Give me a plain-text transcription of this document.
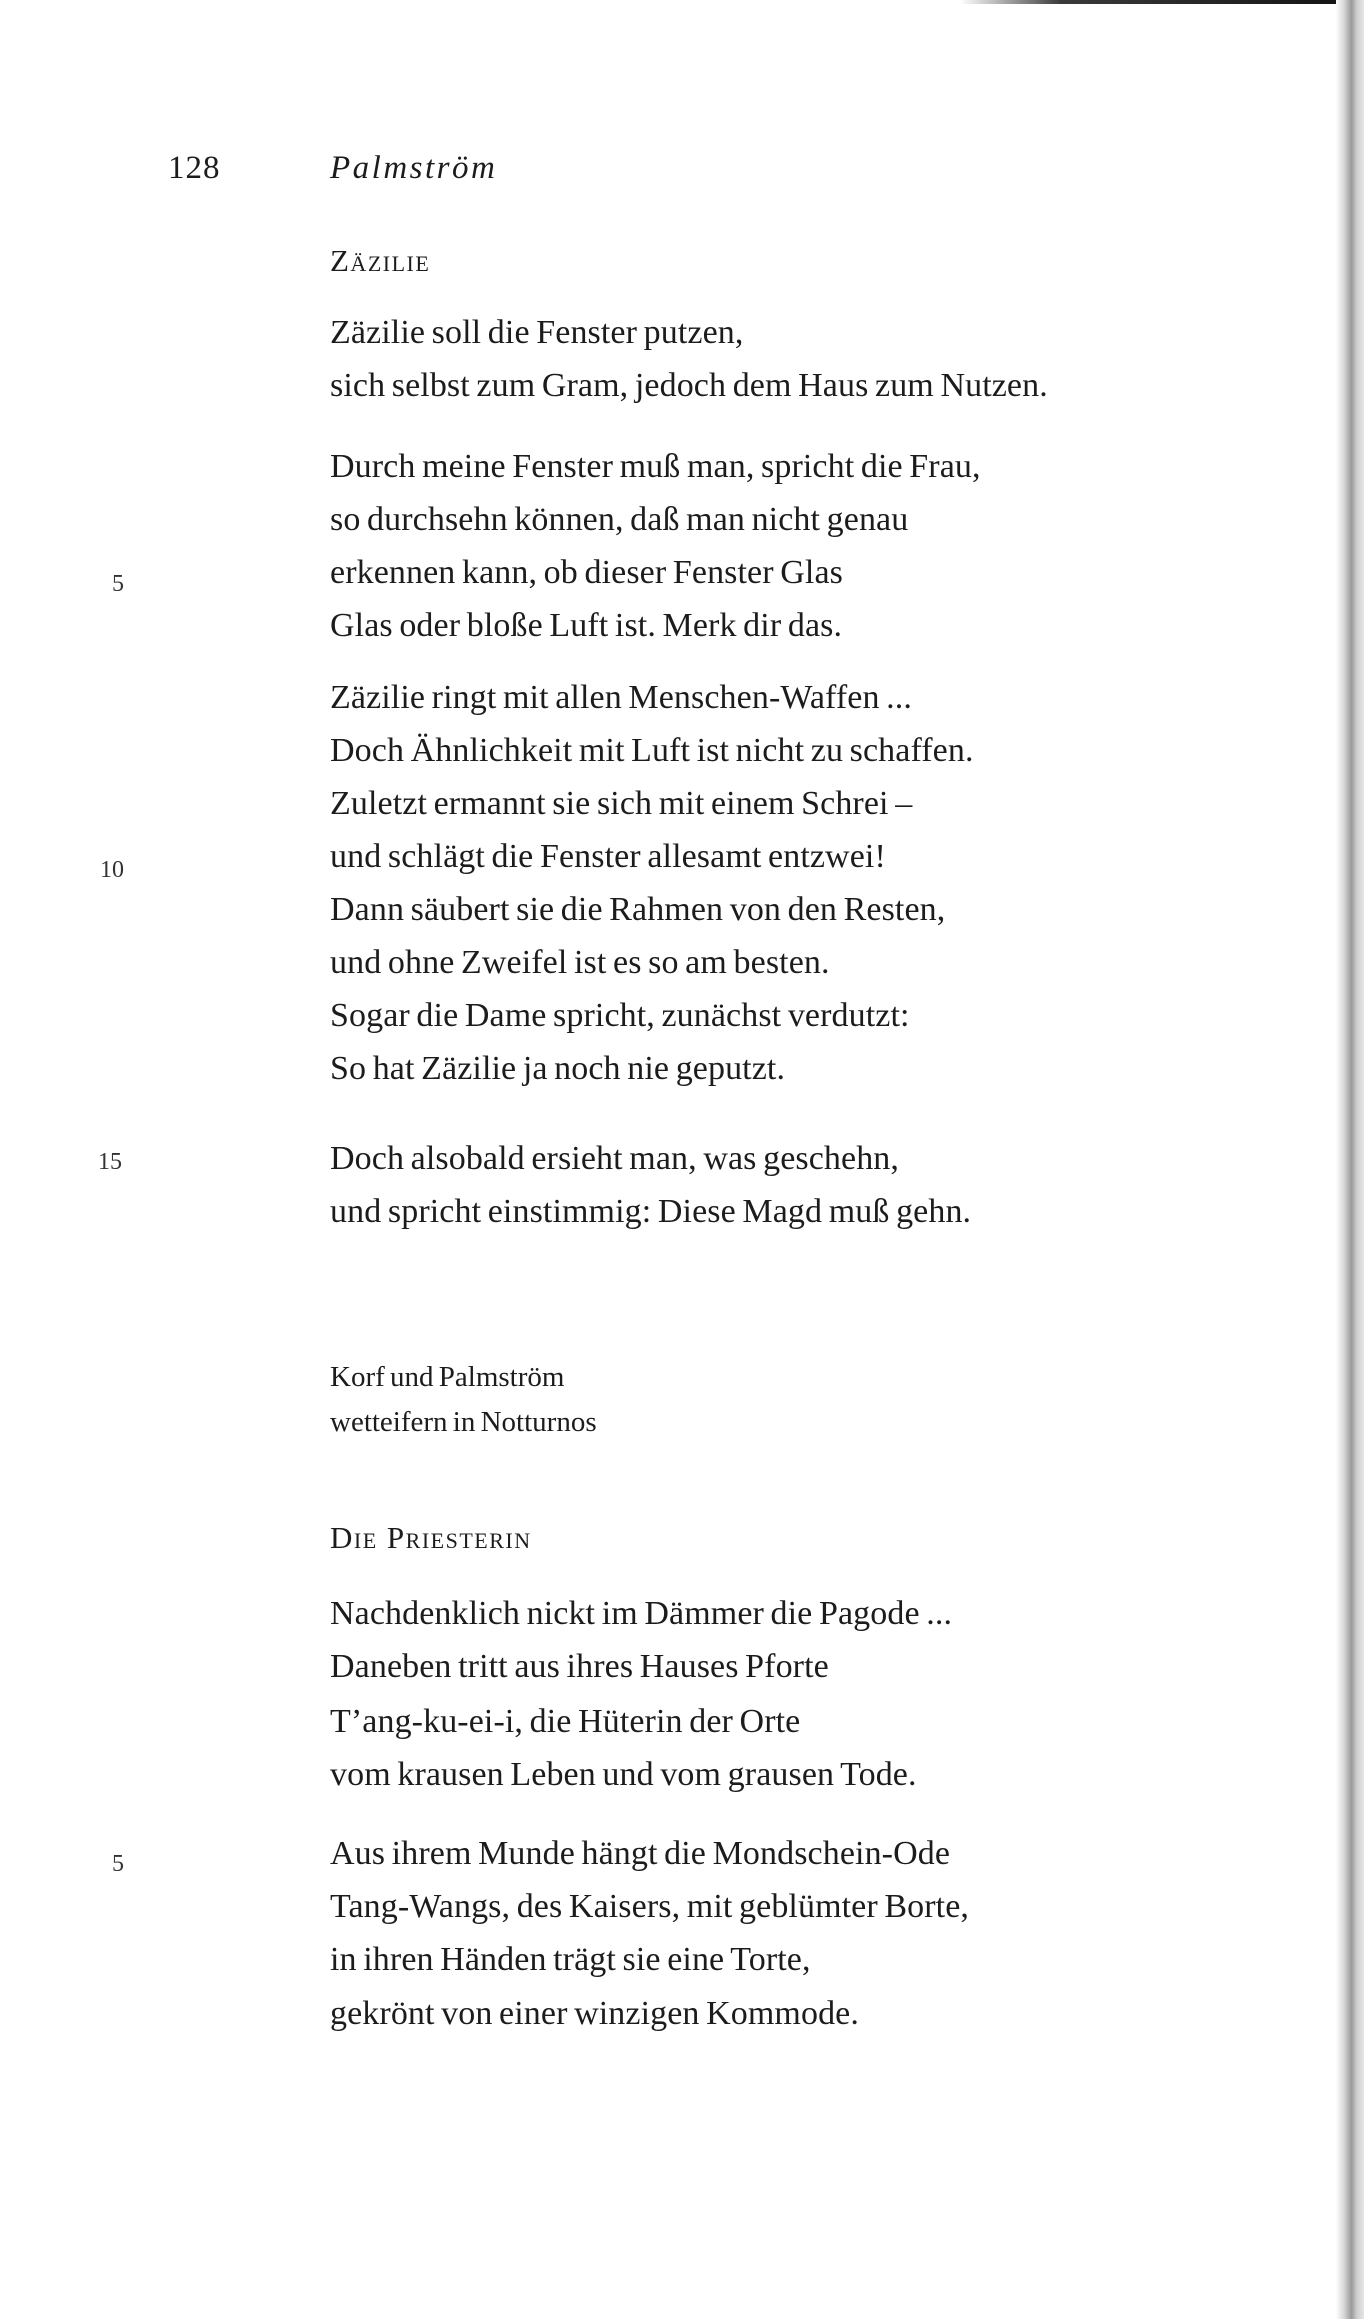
128	Palmström
Zäzilie
Zäzilie soll die Fenster putzen,
sich selbst zum Gram, jedoch dem Haus zum Nutzen.
Durch meine Fenster muß man, spricht die Frau,
so durchsehn können, daß man nicht genau
erkennen kann, ob dieser Fenster Glas
Glas oder bloße Luft ist. Merk dir das.
5
Zäzilie ringt mit allen Menschen-Waffen ...
Doch Ähnlichkeit mit Luft ist nicht zu schaffen.
Zuletzt ermannt sie sich mit einem Schrei –
und schlägt die Fenster allesamt entzwei!
Dann säubert sie die Rahmen von den Resten,
und ohne Zweifel ist es so am besten.
Sogar die Dame spricht, zunächst verdutzt:
So hat Zäzilie ja noch nie geputzt.
10
Doch alsobald ersieht man, was geschehn,
und spricht einstimmig: Diese Magd muß gehn.
15
Korf und Palmström
wetteifern in Notturnos
Die Priesterin
Nachdenklich nickt im Dämmer die Pagode ...
Daneben tritt aus ihres Hauses Pforte
T’ang-ku-ei-i, die Hüterin der Orte
vom krausen Leben und vom grausen Tode.
Aus ihrem Munde hängt die Mondschein-Ode
Tang-Wangs, des Kaisers, mit geblümter Borte,
in ihren Händen trägt sie eine Torte,
gekrönt von einer winzigen Kommode.
5
